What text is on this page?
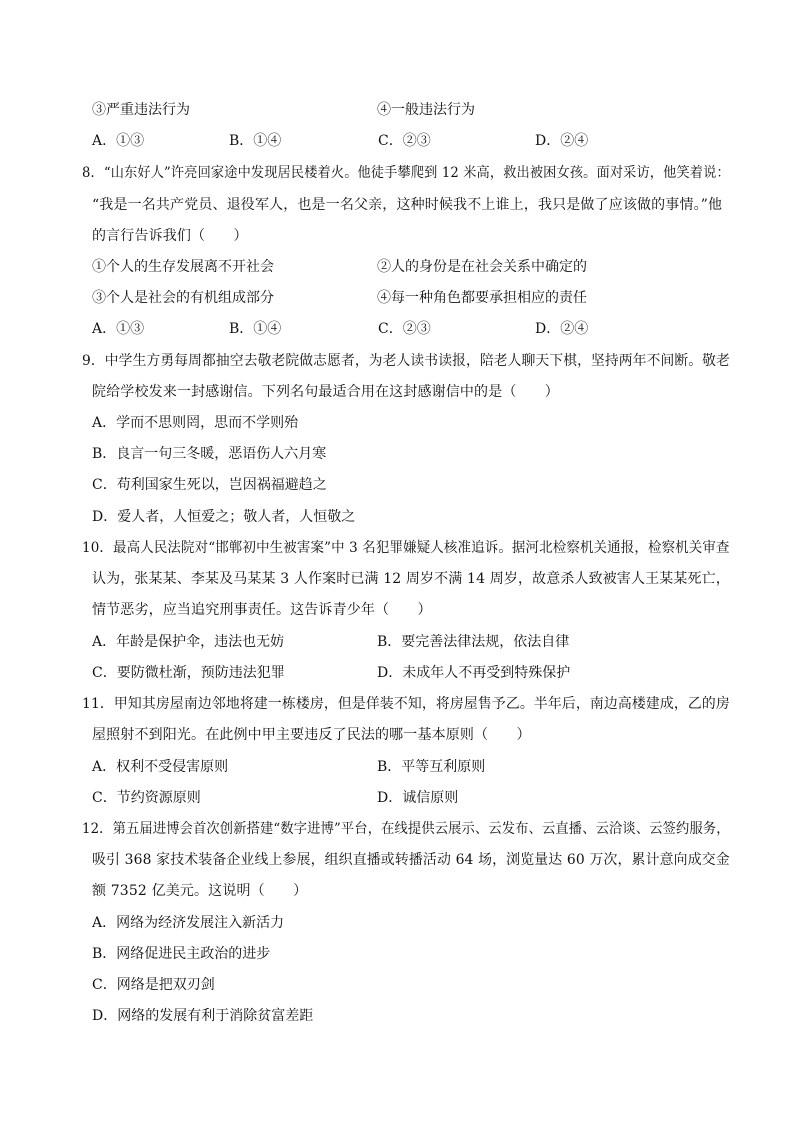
③严重违法行为	④一般违法行为
A．①③	B．①④	C．②③	D．②④
8．“山东好人”许亮回家途中发现居民楼着火。他徒手攀爬到 12 米高，救出被困女孩。面对采访，他笑着说：
“我是一名共产党员、退役军人，也是一名父亲，这种时候我不上谁上，我只是做了应该做的事情。”他
的言行告诉我们（　　）
①个人的生存发展离不开社会	②人的身份是在社会关系中确定的
③个人是社会的有机组成部分	④每一种角色都要承担相应的责任
A．①③	B．①④	C．②③	D．②④
9．中学生方勇每周都抽空去敬老院做志愿者，为老人读书读报，陪老人聊天下棋，坚持两年不间断。敬老
院给学校发来一封感谢信。下列名句最适合用在这封感谢信中的是（　　）
A．学而不思则罔，思而不学则殆
B．良言一句三冬暖，恶语伤人六月寒
C．苟利国家生死以，岂因祸福避趋之
D．爱人者，人恒爱之；敬人者，人恒敬之
10．最高人民法院对“邯郸初中生被害案”中 3 名犯罪嫌疑人核准追诉。据河北检察机关通报，检察机关审查
认为，张某某、李某及马某某 3 人作案时已满 12 周岁不满 14 周岁，故意杀人致被害人王某某死亡，
情节恶劣，应当追究刑事责任。这告诉青少年（　　）
A．年龄是保护伞，违法也无妨	B．要完善法律法规，依法自律
C．要防微杜渐，预防违法犯罪	D．未成年人不再受到特殊保护
11．甲知其房屋南边邻地将建一栋楼房，但是佯装不知，将房屋售予乙。半年后，南边高楼建成，乙的房
屋照射不到阳光。在此例中甲主要违反了民法的哪一基本原则（　　）
A．权利不受侵害原则	B．平等互利原则
C．节约资源原则	D．诚信原则
12．第五届进博会首次创新搭建“数字进博”平台，在线提供云展示、云发布、云直播、云洽谈、云签约服务，
吸引 368 家技术装备企业线上参展，组织直播或转播活动 64 场，浏览量达 60 万次，累计意向成交金
额 7352 亿美元。这说明（　　）
A．网络为经济发展注入新活力
B．网络促进民主政治的进步
C．网络是把双刃剑
D．网络的发展有利于消除贫富差距
